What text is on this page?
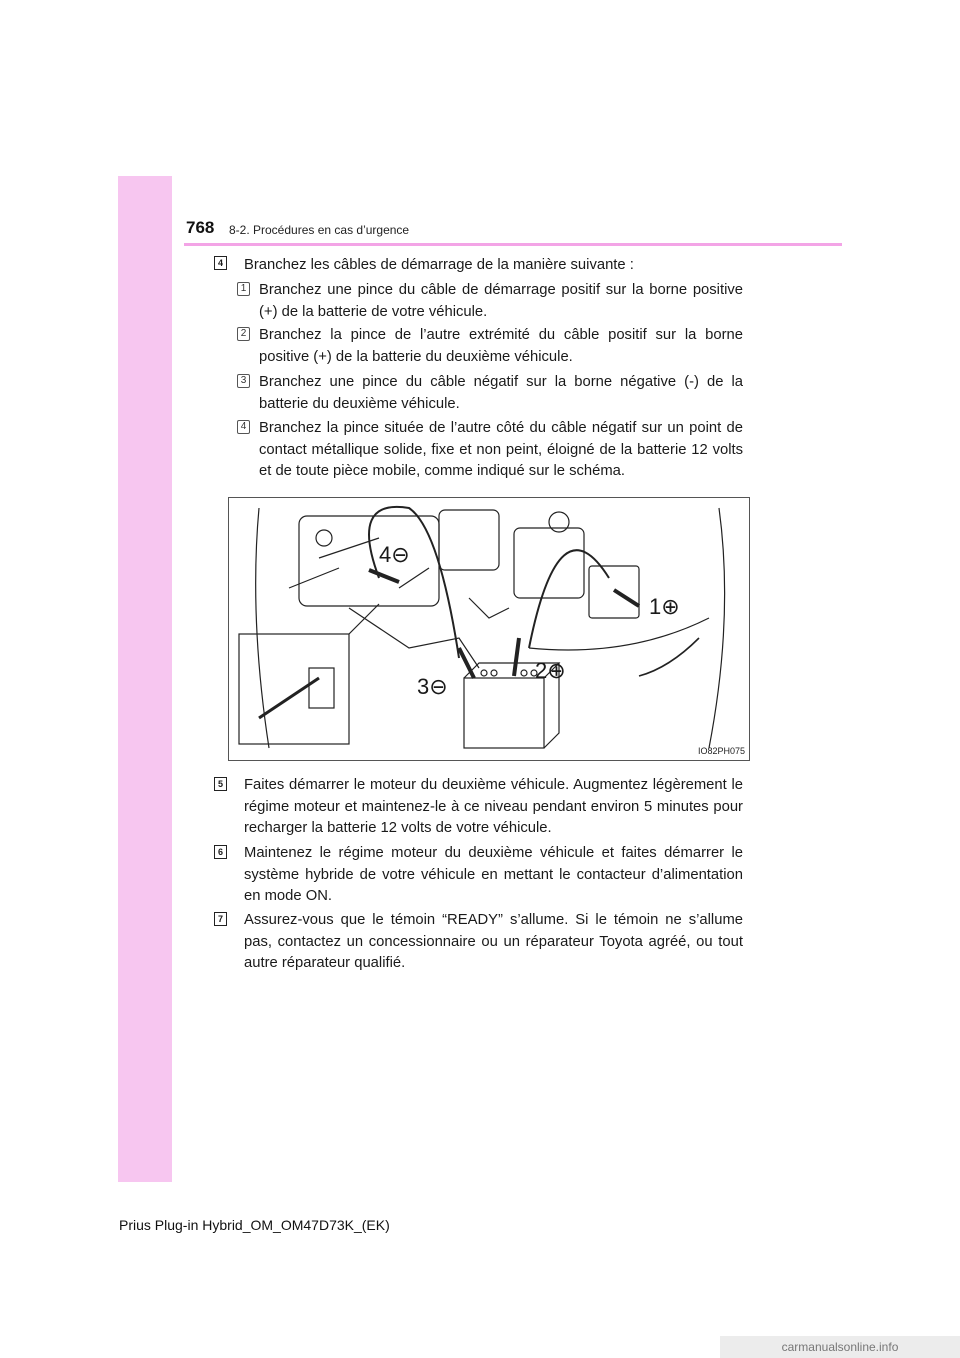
768 8-2. Procédures en cas d’urgence
4 Branchez les câbles de démarrage de la manière suivante :
1 Branchez une pince du câble de démarrage positif sur la borne positive (+) de la batterie de votre véhicule.
2 Branchez la pince de l’autre extrémité du câble positif sur la borne positive (+) de la batterie du deuxième véhicule.
3 Branchez une pince du câble négatif sur la borne négative (-) de la batterie du deuxième véhicule.
4 Branchez la pince située de l’autre côté du câble négatif sur un point de contact métallique solide, fixe et non peint, éloigné de la batterie 12 volts et de toute pièce mobile, comme indiqué sur le schéma.
4⊖
1⊕
2⊕
3⊖
IO82PH075
5 Faites démarrer le moteur du deuxième véhicule. Augmentez légèrement le régime moteur et maintenez-le à ce niveau pendant environ 5 minutes pour recharger la batterie 12 volts de votre véhicule.
6 Maintenez le régime moteur du deuxième véhicule et faites démarrer le système hybride de votre véhicule en mettant le contacteur d’alimentation en mode ON.
7 Assurez-vous que le témoin “READY” s’allume. Si le témoin ne s’allume pas, contactez un concessionnaire ou un réparateur Toyota agréé, ou tout autre réparateur qualifié.
Prius Plug-in Hybrid_OM_OM47D73K_(EK)
carmanualsonline.info
